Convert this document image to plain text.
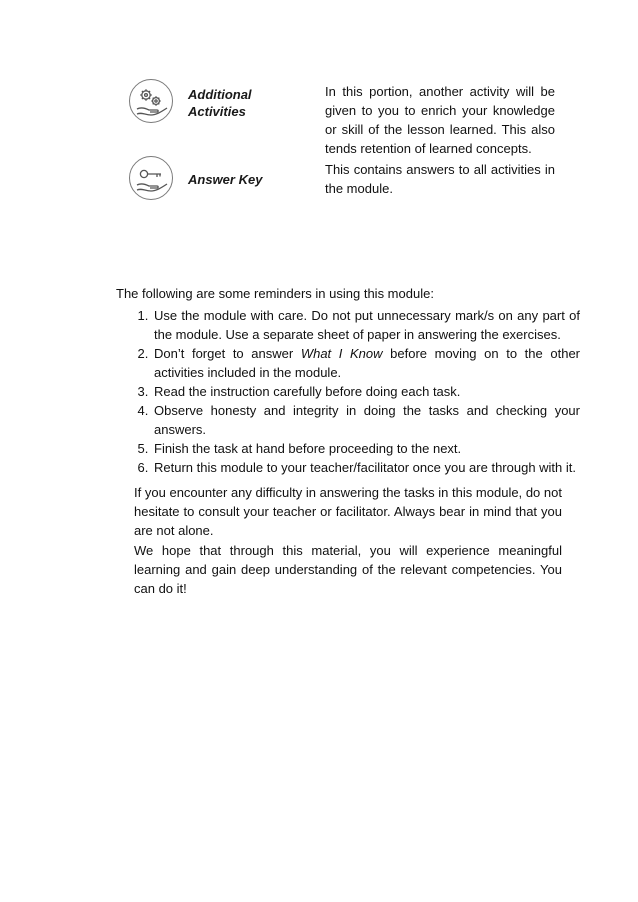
Additional
Activities
In this portion, another activity will be given to you to enrich your knowledge or skill of the lesson learned. This also tends retention of learned concepts.
Answer Key
This contains answers to all activities in the module.
The following are some reminders in using this module:
1. Use the module with care. Do not put unnecessary mark/s on any part of the module. Use a separate sheet of paper in answering the exercises.
2. Don’t forget to answer What I Know before moving on to the other activities included in the module.
3. Read the instruction carefully before doing each task.
4. Observe honesty and integrity in doing the tasks and checking your answers.
5. Finish the task at hand before proceeding to the next.
6. Return this module to your teacher/facilitator once you are through with it.
If you encounter any difficulty in answering the tasks in this module, do not hesitate to consult your teacher or facilitator. Always bear in mind that you are not alone.
We hope that through this material, you will experience meaningful learning and gain deep understanding of the relevant competencies. You can do it!
